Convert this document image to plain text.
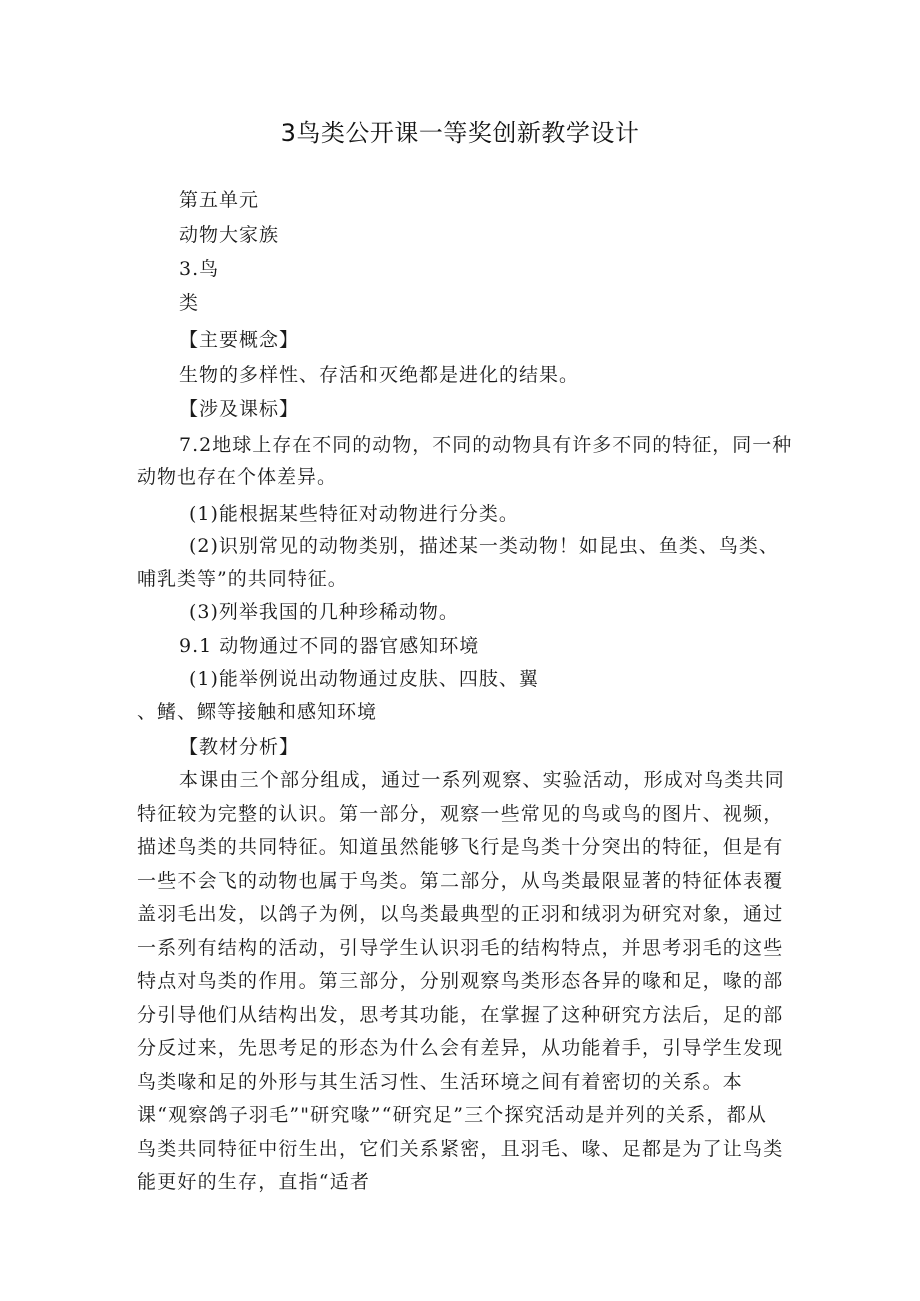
3鸟类公开课一等奖创新教学设计
第五单元
动物大家族
3.鸟
类
【主要概念】
生物的多样性、存活和灭绝都是进化的结果。
【涉及课标】
7.2地球上存在不同的动物，不同的动物具有许多不同的特征，同一种
动物也存在个体差异。
(1)能根据某些特征对动物进行分类。
(2)识别常见的动物类别，描述某一类动物！如昆虫、鱼类、鸟类、
哺乳类等”的共同特征。
(3)列举我国的几种珍稀动物。
9.1 动物通过不同的器官感知环境
(1)能举例说出动物通过皮肤、四肢、翼
、鳍、鳏等接触和感知环境
【教材分析】
本课由三个部分组成，通过一系列观察、实验活动，形成对鸟类共同特征较为完整的认识。第一部分，观察一些常见的鸟或鸟的图片、视频，描述鸟类的共同特征。知道虽然能够飞行是鸟类十分突出的特征，但是有一些不会飞的动物也属于鸟类。第二部分，从鸟类最限显著的特征体表覆盖羽毛出发，以鸽子为例，以鸟类最典型的正羽和绒羽为研究对象，通过一系列有结构的活动，引导学生认识羽毛的结构特点，并思考羽毛的这些特点对鸟类的作用。第三部分，分别观察鸟类形态各异的喙和足，喙的部分引导他们从结构出发，思考其功能，在掌握了这种研究方法后，足的部分反过来，先思考足的形态为什么会有差异，从功能着手，引导学生发现鸟类喙和足的外形与其生活习性、生活环境之间有着密切的关系。本课“观察鸽子羽毛”"研究喙”“研究足”三个探究活动是并列的关系，都从鸟类共同特征中衍生出，它们关系紧密，且羽毛、喙、足都是为了让鸟类能更好的生存，直指“适者
